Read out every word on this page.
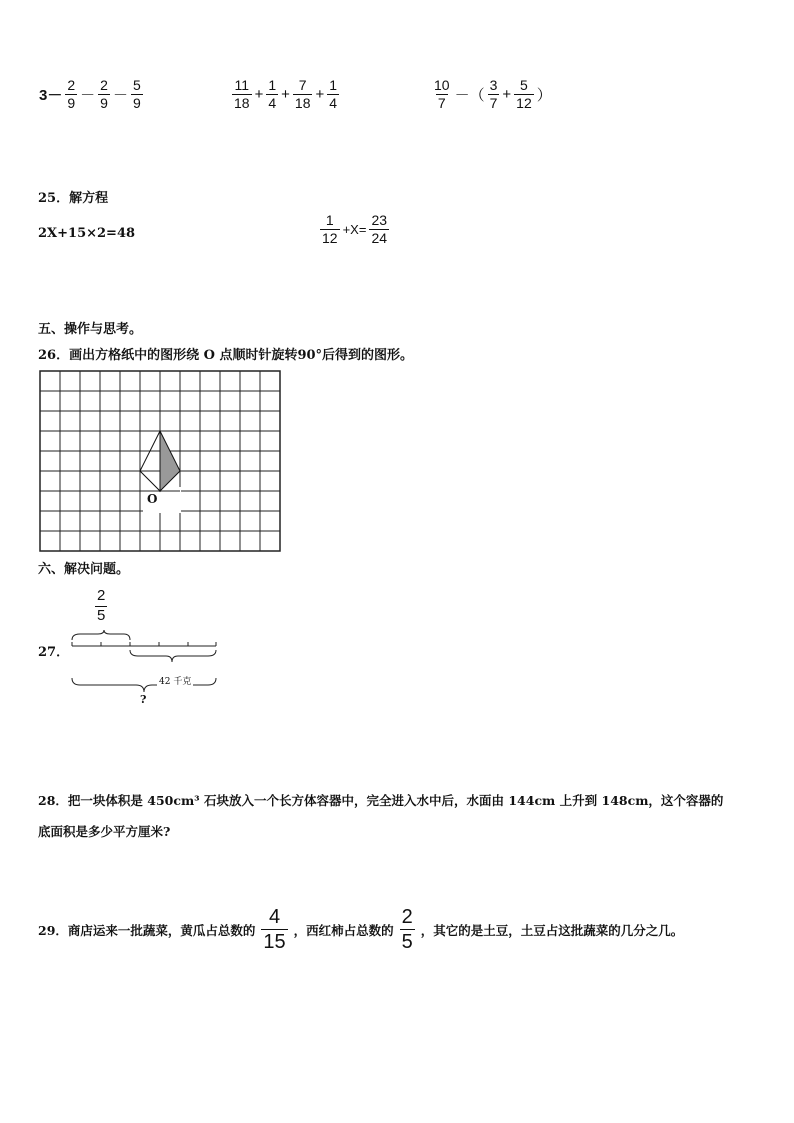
$3- \frac{2}{9} - \frac{2}{9} - \frac{5}{9}$	$\frac{11}{18} + \frac{1}{4} + \frac{7}{18} + \frac{1}{4}$	$\frac{10}{7}$ －（ $\frac{3}{7} + \frac{5}{12}$ ）
25．解方程
2X+15×2=48	$\frac{1}{12} +X= \frac{23}{24}$
五、操作与思考。
26．画出方格纸中的图形绕 O 点顺时针旋转90°后得到的图形。
O
六、解决问题。
$\frac{2}{5}$
27．
42 千克
?
28．把一块体积是 450cm³ 石块放入一个长方体容器中，完全进入水中后，水面由 144cm 上升到 148cm，这个容器的
底面积是多少平方厘米?
29．商店运来一批蔬菜，黄瓜占总数的 $\frac{4}{15}$ ，西红柿占总数的 $\frac{2}{5}$ ，其它的是土豆，土豆占这批蔬菜的几分之几。
